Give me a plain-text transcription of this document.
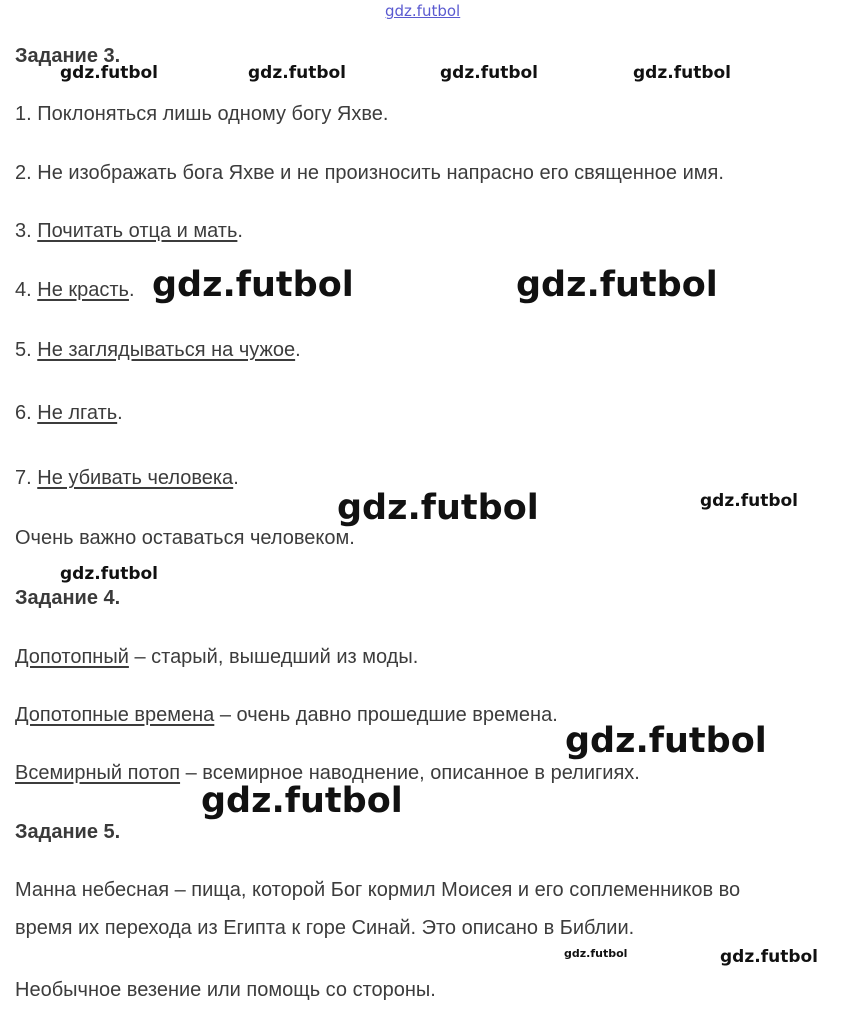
gdz.futbol
Задание 3.
gdz.futbol	gdz.futbol	gdz.futbol	gdz.futbol
1. Поклоняться лишь одному богу Яхве.
2. Не изображать бога Яхве и не произносить напрасно его священное имя.
3. Почитать отца и мать.
4. Не красть.
5. Не заглядываться на чужое.
6. Не лгать.
7. Не убивать человека.
Очень важно оставаться человеком.
gdz.futbol	gdz.futbol
gdz.futbol	gdz.futbol
gdz.futbol
Задание 4.
Допотопный – старый, вышедший из моды.
Допотопные времена – очень давно прошедшие времена.
Всемирный потоп – всемирное наводнение, описанное в религиях.
gdz.futbol
gdz.futbol
Задание 5.
Манна небесная – пища, которой Бог кормил Моисея и его соплеменников во
время их перехода из Египта к горе Синай. Это описано в Библии.
Необычное везение или помощь со стороны.
gdz.futbol	gdz.futbol
